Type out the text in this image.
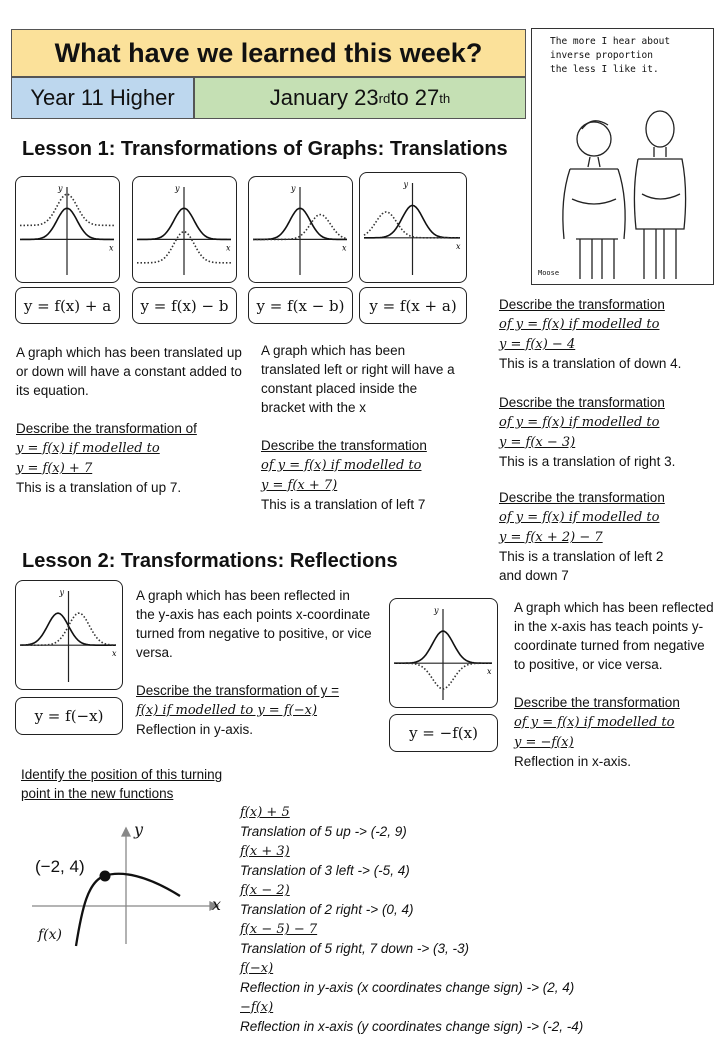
What have we learned this week?
Year 11 Higher	January 23 rd to 27 th
The more I hear about
inverse proportion
the less I like it.
Moose
Lesson 1: Transformations of Graphs: Translations
x
y
x
y
x
y
x
y
y = f(x) + a	y = f(x) − b	y = f(x − b)	y = f(x + a)

A graph which has been translated up or down will have a constant added to its equation.

Describe the transformation of
y = f(x) if modelled to
y = f(x) + 7
This is a translation of up 7.

A graph which has been translated left or right will have a constant placed inside the bracket with the x

Describe the transformation
of y = f(x) if modelled to
y = f(x + 7)
This is a translation of left 7

Describe the transformation
of y = f(x) if modelled to
y = f(x) − 4
This is a translation of down 4.
Describe the transformation
of y = f(x) if modelled to
y = f(x − 3)
This is a translation of right 3.
Describe the transformation
of y = f(x) if modelled to
y = f(x + 2) − 7
This is a translation of left 2
and down 7
Lesson 2: Transformations: Reflections
x
y
y = f(−x)

A graph which has been reflected in the y-axis has each points x-coordinate turned from negative to positive, or vice versa.

Describe the transformation of y =
f(x) if modelled to y = f(−x)
Reflection in y-axis.

x
y
y = −f(x)

A graph which has been reflected in the x-axis has teach points y-coordinate turned from negative to positive, or vice versa.

Describe the transformation
of y = f(x) if modelled to
y = −f(x)
Reflection in x-axis.

Identify the position of this turning
point in the new functions
y
x
(−2, 4)
f(x)
f(x) + 5
Translation of 5 up -> (-2, 9)
f(x + 3)
Translation of 3 left -> (-5, 4)
f(x − 2)
Translation of 2 right -> (0, 4)
f(x − 5) − 7
Translation of 5 right, 7 down -> (3, -3)
f(−x)
Reflection in y-axis (x coordinates change sign) -> (2, 4)
−f(x)
Reflection in x-axis (y coordinates change sign) -> (-2, -4)
